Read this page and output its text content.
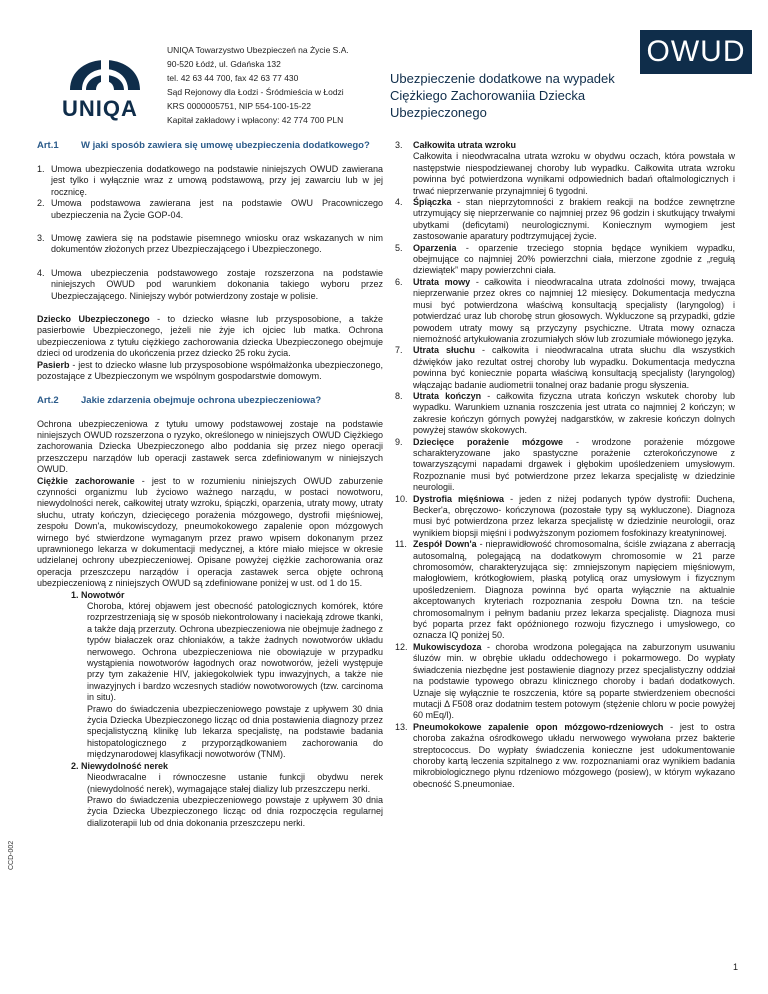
UNIQA
UNIQA Towarzystwo Ubezpieczeń na Życie S.A.
90-520 Łódź, ul. Gdańska 132
tel. 42 63 44 700, fax 42 63 77 430
Sąd Rejonowy dla Łodzi - Śródmieścia w Łodzi
KRS 0000005751, NIP 554-100-15-22
Kapitał zakładowy i wpłacony: 42 774 700 PLN
OWUD
Ubezpieczenie dodatkowe na wypadek
Ciężkiego Zachorowaniia Dziecka
Ubezpieczonego
Art.1	W jaki sposób zawiera się umowę ubezpieczenia dodatkowego?
1. Umowa ubezpieczenia dodatkowego na podstawie niniejszych OWUD zawierana jest tylko i wyłącznie wraz z umową podstawową, przy jej zawarciu lub w jej rocznicę.
2. Umowa podstawowa zawierana jest na podstawie OWU Pracowniczego ubezpieczenia na Życie GOP-04.
3. Umowę zawiera się na podstawie pisemnego wniosku oraz wskazanych w nim dokumentów złożonych przez Ubezpieczającego i Ubezpieczonego.
4. Umowa ubezpieczenia podstawowego zostaje rozszerzona na podstawie niniejszych OWUD pod warunkiem dokonania takiego wyboru przez Ubezpieczającego. Niniejszy wybór potwierdzony zostaje w polisie.
Dziecko Ubezpieczonego - to dziecko własne lub przysposobione, a także pasierbowie Ubezpieczonego, jeżeli nie żyje ich ojciec lub matka. Ochrona ubezpieczeniowa z tytułu ciężkiego zachorowania dziecka Ubezpieczonego obejmuje dzieci od urodzenia do ukończenia przez dziecko 25 roku życia.
Pasierb - jest to dziecko własne lub przysposobione współmałżonka ubezpieczonego, pozostające z Ubezpieczonym we wspólnym gospodarstwie domowym.
Art.2	Jakie zdarzenia obejmuje ochrona ubezpieczeniowa?
Ochrona ubezpieczeniowa z tytułu umowy podstawowej zostaje na podstawie niniejszych OWUD rozszerzona o ryzyko, określonego w niniejszych OWUD Ciężkiego zachorowania Dziecka Ubezpieczonego albo poddania się przez niego operacji przeszczepu narządów lub operacji zastawek serca zdefiniowanym w niniejszych OWUD.
Ciężkie zachorowanie - jest to w rozumieniu niniejszych OWUD zaburzenie czynności organizmu lub życiowo ważnego narządu, w postaci nowotworu, niewydolności nerek, całkowitej utraty wzroku, śpiączki, oparzenia, utraty mowy, utraty słuchu, utraty kończyn, dziecięcego porażenia mózgowego, dystrofii mięśniowej, zespołu Down'a, mukowiscydozy, pneumokokowego zapalenie opon mózgowych wirnego być stwierdzone wymaganym przez prawo wpisem dokonanym przez uprawnionego lekarza w dokumentacji medycznej, a które miało miejsce w okresie udzielanej ochrony ubezpieczeniowej. Opisane powyżej ciężkie zachorowania oraz operacja przeszczepu narządów i operacja zastawek serca objęte ochroną ubezpieczeniową z niniejszych OWUD są zdefiniowane poniżej w ust. od 1 do 15.
1. Nowotwór
Choroba, której objawem jest obecność patologicznych komórek, które rozprzestrzeniają się w sposób niekontrolowany i naciekają zdrowe tkanki, a także dają przerzuty. Ochrona ubezpieczeniowa nie obejmuje żadnego z typów białaczek oraz chłoniaków, a także żadnych nowotworów układu nerwowego. Ochrona ubezpieczeniowa nie obowiązuje w przypadku wystąpienia nowotworów łagodnych oraz nowotworów, jeżeli występuje przy tym zakażenie HIV, jakiegokolwiek typu inwazyjnych, a także nie inwazyjnych i bardzo wczesnych stadiów nowotworowych (tzw. carcinoma in situ).
Prawo do świadczenia ubezpieczeniowego powstaje z upływem 30 dnia życia Dziecka Ubezpieczonego licząc od dnia postawienia diagnozy przez specjalistyczną klinikę lub lekarza specjalistę, na podstawie badania histopatologicznego z przyporządkowaniem zachorowania do międzynarodowej klasyfikacji nowotworów (TNM).
2. Niewydolność nerek
Nieodwracalne i równoczesne ustanie funkcji obydwu nerek (niewydolność nerek), wymagające stałej dializy lub przeszczepu nerki.
Prawo do świadczenia ubezpieczeniowego powstaje z upływem 30 dnia życia Dziecka Ubezpieczonego licząc od dnia rozpoczęcia regularnej dializoterapii lub od dnia dokonania przeszczepu nerki.
3.	Całkowita utrata wzroku
Całkowita i nieodwracalna utrata wzroku w obydwu oczach, która powstała w następstwie niespodziewanej choroby lub wypadku. Całkowita utrata wzroku powinna być potwierdzona wynikami odpowiednich badań oftalmologicznych i trwać nieprzerwanie przynajmniej 6 tygodni.
4.	Śpiączka - stan nieprzytomności z brakiem reakcji na bodźce zewnętrzne utrzymujący się nieprzerwanie co najmniej przez 96 godzin i skutkujący trwałymi ubytkami (deficytami) neurologicznymi. Koniecznym wymogiem jest zastosowanie aparatury podtrzymującej życie.
5.	Oparzenia - oparzenie trzeciego stopnia będące wynikiem wypadku, obejmujące co najmniej 20% powierzchni ciała, mierzone zgodnie z „regułą dziewiątek” mapy powierzchni ciała.
6.	Utrata mowy - całkowita i nieodwracalna utrata zdolności mowy, trwająca nieprzerwanie przez okres co najmniej 12 miesięcy. Dokumentacja medyczna musi być potwierdzona właściwą konsultacją specjalisty (laryngolog) i potwierdzać uraz lub chorobę strun głosowych. Wykluczone są przypadki, gdzie powodem utraty mowy są przyczyny psychiczne. Utrata mowy oznacza niemożność artykułowania zrozumiałych słów lub zrozumiałe mówionego języka.
7.	Utrata słuchu - całkowita i nieodwracalna utrata słuchu dla wszystkich dźwięków jako rezultat ostrej choroby lub wypadku. Dokumentacja medyczna powinna być koniecznie poparta właściwą konsultacją specjalisty (laryngolog) włączając badanie audiometrii tonalnej oraz badanie progu słyszenia.
8.	Utrata kończyn - całkowita fizyczna utrata kończyn wskutek choroby lub wypadku. Warunkiem uznania roszczenia jest utrata co najmniej 2 kończyn; w zakresie kończyn górnych powyżej nadgarstków, w zakresie kończyn dolnych powyżej stawów skokowych.
9.	Dziecięce porażenie mózgowe - wrodzone porażenie mózgowe scharakteryzowane jako spastyczne porażenie czterokończynowe z towarzyszącymi napadami drgawek i głębokim upośledzeniem umysłowym. Rozpoznanie musi być potwierdzone przez lekarza specjalistę w dziedzinie neurologii.
10. Dystrofia mięśniowa - jeden z niżej podanych typów dystrofii: Duchena, Becker'a, obręczowo- kończynowa (pozostałe typy są wykluczone). Diagnoza musi być potwierdzona przez lekarza specjalistę w dziedzinie neurologii, oraz wynikiem biopsji mięśni i podwyższonym poziomem fosfokinazy kreatyninowej.
11. Zespół Down'a - nieprawidłowość chromosomalna, ściśle związana z aberracją autosomalną, polegającą na dodatkowym chromosomie w 21 parze chromosomów, charakteryzująca się: zmniejszonym napięciem mięśniowym, małogłowiem, krótkogłowiem, płaską potylicą oraz umysłowym i fizycznym upośledzeniem. Diagnoza powinna być oparta wyłącznie na aktualnie akceptowanych kryteriach rozpoznania zespołu Downa tzn. na teście chromosomalnym i pełnym badaniu przez lekarza specjalistę. Diagnoza musi być poparta przez fakt opóźnionego rozwoju fizycznego i umysłowego, co oznacza IQ poniżej 50.
12. Mukowiscydoza - choroba wrodzona polegająca na zaburzonym usuwaniu śluzów min. w obrębie układu oddechowego i pokarmowego. Do wypłaty świadczenia niezbędne jest postawienie diagnozy przez specjalistyczny oddział na podstawie typowego obrazu klinicznego choroby i badań dodatkowych. Uznaje się wyłącznie te roszczenia, które są poparte stwierdzeniem obecności mutacji Δ F508 oraz dodatnim testem potowym (stężenie chloru w pocie powyżej 60 mEq/l).
13. Pneumokokowe zapalenie opon mózgowo-rdzeniowych - jest to ostra choroba zakaźna ośrodkowego układu nerwowego wywołana przez bakterie streptococcus. Do wypłaty świadczenia konieczne jest udokumentowanie choroby kartą leczenia szpitalnego z ww. rozpoznaniami oraz wynikiem badania mikrobiologicznego płynu rdzeniowo mózgowego (posiew), w którym wykazano obecność S.pneumoniae.
CCD-002
1
